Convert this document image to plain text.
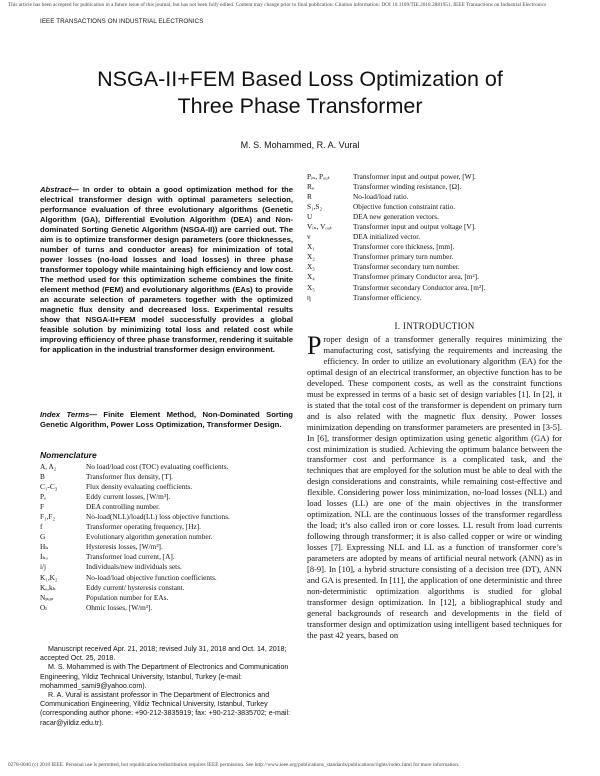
This article has been accepted for publication in a future issue of this journal, but has not been fully edited. Content may change prior to final publication. Citation information: DOI 10.1109/TIE.2018.2881951, IEEE Transactions on Industrial Electronics
IEEE TRANSACTIONS ON INDUSTRIAL ELECTRONICS
NSGA-II+FEM Based Loss Optimization of
Three Phase Transformer
M. S. Mohammed, R. A. Vural
Abstract— In order to obtain a good optimization method for the electrical transformer design with optimal parameters selection, performance evaluation of three evolutionary algorithms (Genetic Algorithm (GA), Differential Evolution Algorithm (DEA) and Non-dominated Sorting Genetic Algorithm (NSGA-II)) are carried out. The aim is to optimize transformer design parameters (core thicknesses, number of turns and conductor areas) for minimization of total power losses (no-load losses and load losses) in three phase transformer topology while maintaining high efficiency and low cost. The method used for this optimization scheme combines the finite element method (FEM) and evolutionary algorithms (EAs) to provide an accurate selection of parameters together with the optimized magnetic flux density and decreased loss. Experimental results show that NSGA-II+FEM model successfully provides a global feasible solution by minimizing total loss and related cost while improving efficiency of three phase transformer, rendering it suitable for application in the industrial transformer design environment.
Index Terms— Finite Element Method, Non-Dominated Sorting Genetic Algorithm, Power Loss Optimization, Transformer Design.
Nomenclature
A, A₂	No load/load cost (TOC) evaluating coefficients.
B	Transformer flux density, [T].
C₁-C₃	Flux density evaluating coefficients.
Pₑ	Eddy current losses, [W/m³].
F	DEA controlling number.
F₁,F₂	No-load(NLL)/load(LL) loss objective functions.
f	Transformer operating frequency, [Hz].
G	Evolutionary algorithm generation number.
Hₕ	Hysteresis losses, [W/m³].
Iₕₒ	Transformer load current, [A].
i/j	Individuals/new individuals sets.
K₁,K₂	No-load/load objective function coefficients.
Kₑ,kₕ	Eddy current/ hysteresis constant.
Nₚₒₚ	Population number for EAs.
Oₗ	Ohmic losses, [W/m³].
Pᵢₙ, Pₒᵤₜ	Transformer input and output power, [W].
Rₔ	Transformer winding resistance, [Ω].
R	No-load/load ratio.
S₁,S₂	Objective function constraint ratio.
U	DEA new generation vectors.
Vᵢₙ, Vₒᵤₜ	Transformer input and output voltage [V].
v	DEA initialized vector.
X₁	Transformer core thickness, [mm].
X₂	Transformer primary turn number.
X₃	Transformer secondary turn number.
X₄	Transformer primary Conductor area, [m²].
X₅	Transformer secondary Conductor area, [m²].
η	Transformer efficiency.

Manuscript received Apr. 21, 2018; revised July 31, 2018 and Oct. 14, 2018; accepted Oct. 25, 2018.

M. S. Mohammed is with The Department of Electronics and Communication Engineering, Yildiz Technical University, Istanbul, Turkey (e-mail: mohammed_sami9@yahoo.com).

R. A. Vural is assistant professor in The Department of Electronics and Communication Engineering, Yildiz Technical University, Istanbul, Turkey (corresponding author phone: +90-212-3835919; fax: +90-212-3835702; e-mail: racar@yildiz.edu.tr).

I. INTRODUCTION
Proper design of a transformer generally requires minimizing the manufacturing cost, satisfying the requirements and increasing the efficiency. In order to utilize an evolutionary algorithm (EA) for the optimal design of an electrical transformer, an objective function has to be developed. These component costs, as well as the constraint functions must be expressed in terms of a basic set of design variables [1]. In [2], it is stated that the total cost of the transformer is dependent on primary turn and is also related with the magnetic flux density. Power losses minimization depending on transformer parameters are presented in [3-5]. In [6], transformer design optimization using genetic algorithm (GA) for cost minimization is studied. Achieving the optimum balance between the transformer cost and performance is a complicated task, and the techniques that are employed for the solution must be able to deal with the design considerations and constraints, while remaining cost-effective and flexible. Considering power loss minimization, no-load losses (NLL) and load losses (LL) are one of the main objectives in the transformer optimization. NLL are the continuous losses of the transformer regardless the load; it’s also called iron or core losses. LL result from load currents following through transformer; it is also called copper or wire or winding losses [7]. Expressing NLL and LL as a function of transformer core’s parameters are adopted by means of artificial neural network (ANN) as in [8-9]. In [10], a hybrid structure consisting of a decision tree (DT), ANN and GA is presented. In [11], the application of one deterministic and three non-deterministic optimization algorithms is studied for global transformer design optimization. In [12], a bibliographical study and general backgrounds of research and developments in the field of transformer design and optimization using intelligent based techniques for the past 42 years, based on
0278-0046 (c) 2018 IEEE. Personal use is permitted, but republication/redistribution requires IEEE permission. See http://www.ieee.org/publications_standards/publications/rights/index.html for more information.
